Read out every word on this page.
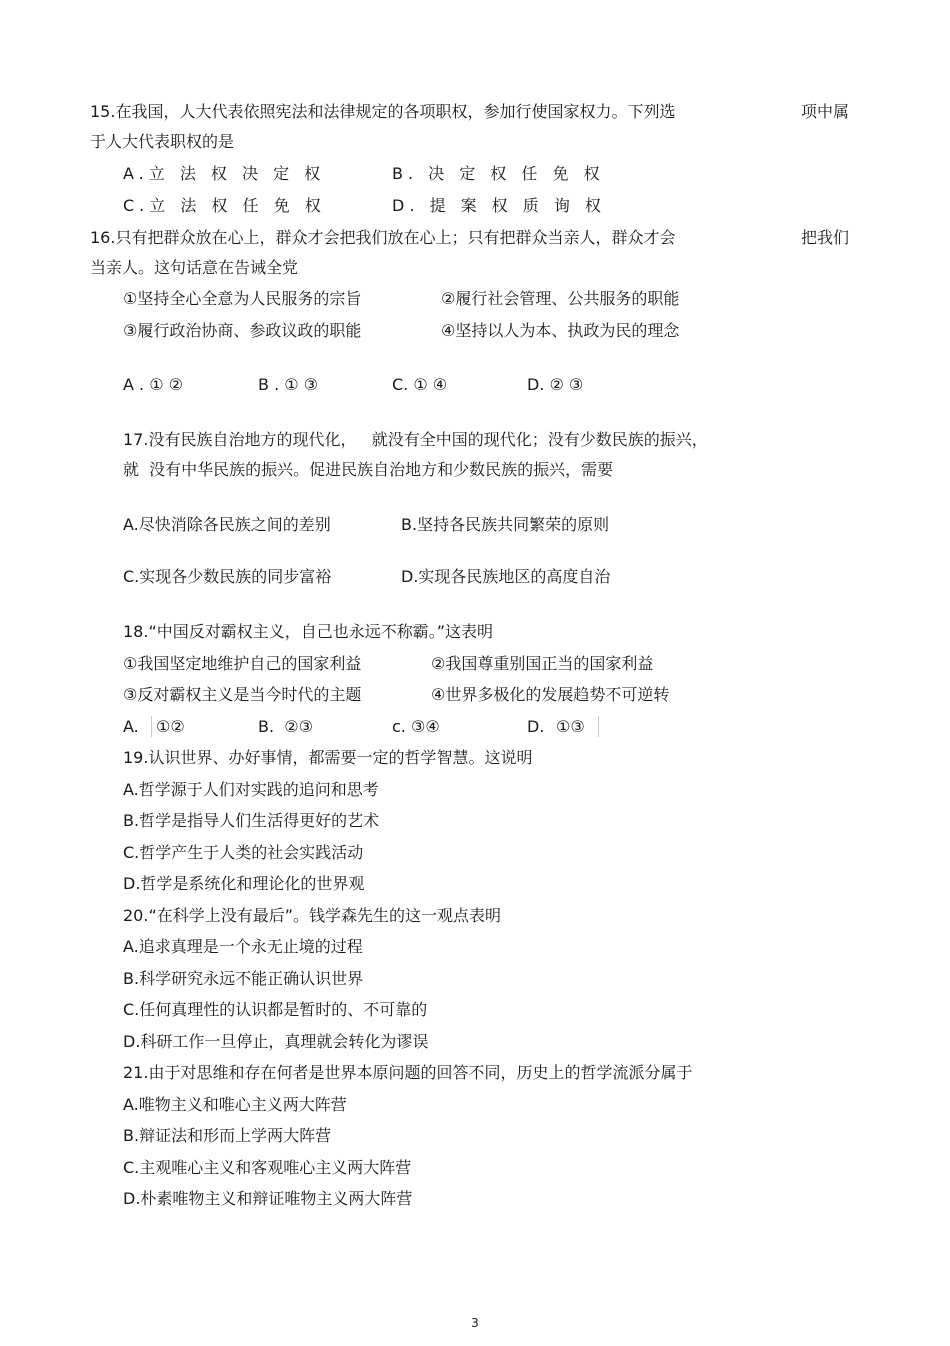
15.在我国，人大代表依照宪法和法律规定的各项职权，参加行使国家权力。下列选	项中属
于人大代表职权的是
A.立 法 权 决 定 权	B. 决 定 权 任 免 权
C.立 法 权 任 免 权	D. 提 案 权 质 询 权
16.只有把群众放在心上，群众才会把我们放在心上；只有把群众当亲人，群众才会	把我们
当亲人。这句话意在告诫全党
①坚持全心全意为人民服务的宗旨	②履行社会管理、公共服务的职能
③履行政治协商、参政议政的职能	④坚持以人为本、执政为民的理念
A . ① ②	B . ① ③	C. ① ④	D. ② ③
17.没有民族自治地方的现代化，   就没有全中国的现代化；没有少数民族的振兴，
就  没有中华民族的振兴。促进民族自治地方和少数民族的振兴，需要
A.尽快消除各民族之间的差别	B.坚持各民族共同繁荣的原则
C.实现各少数民族的同步富裕	D.实现各民族地区的高度自治
18.“中国反对霸权主义，自己也永远不称霸。”这表明
①我国坚定地维护自己的国家利益	②我国尊重别国正当的国家利益
③反对霸权主义是当今时代的主题	④世界多极化的发展趋势不可逆转
A. ①②	B.  ②③	c. ③④	D. ①③
19.认识世界、办好事情，都需要一定的哲学智慧。这说明
A.哲学源于人们对实践的追问和思考
B.哲学是指导人们生活得更好的艺术
C.哲学产生于人类的社会实践活动
D.哲学是系统化和理论化的世界观
20.“在科学上没有最后”。钱学森先生的这一观点表明
A.追求真理是一个永无止境的过程
B.科学研究永远不能正确认识世界
C.任何真理性的认识都是暂时的、不可靠的
D.科研工作一旦停止，真理就会转化为谬误
21.由于对思维和存在何者是世界本原问题的回答不同，历史上的哲学流派分属于
A.唯物主义和唯心主义两大阵营
B.辩证法和形而上学两大阵营
C.主观唯心主义和客观唯心主义两大阵营
D.朴素唯物主义和辩证唯物主义两大阵营
3
